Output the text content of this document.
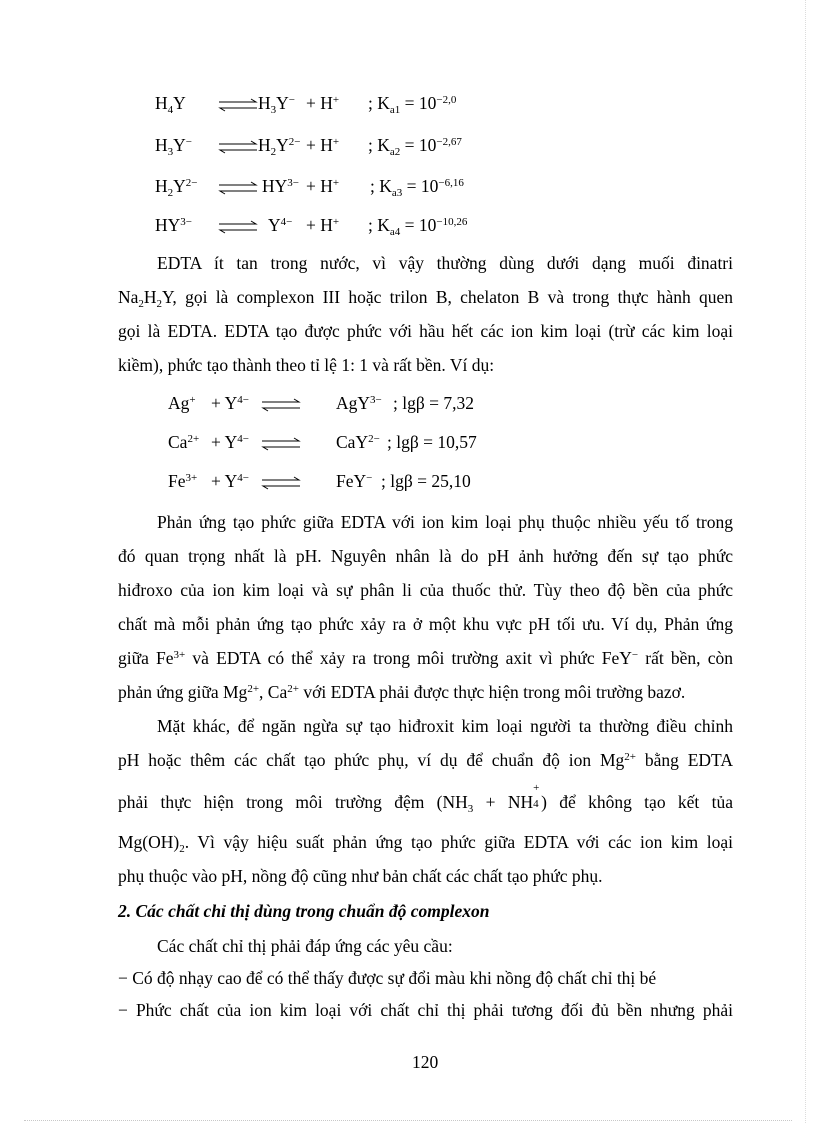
$H_4Y$ ⇌ $H_3Y^- + H^+$ ; $K_{a1} = 10^{-2,0}$
$H_3Y^-$ ⇌ $H_2Y^{2-} + H^+$ ; $K_{a2} = 10^{-2,67}$
$H_2Y^{2-}$ ⇌ $HY^{3-} + H^+$ ; $K_{a3} = 10^{-6,16}$
$HY^{3-}$ ⇌ $Y^{4-} + H^+$ ; $K_{a4} = 10^{-10,26}$
EDTA ít tan trong nước, vì vậy thường dùng dưới dạng muối đinatri
$Na_2H_2Y$, gọi là complexon III hoặc trilon B, chelaton B và trong thực hành quen
gọi là EDTA. EDTA tạo được phức với hầu hết các ion kim loại (trừ các kim loại
kiềm), phức tạo thành theo tỉ lệ 1: 1 và rất bền. Ví dụ:
$Ag^+ + Y^{4-}$ ⇌ AgY$^{3-}$ ; lgβ = 7,32
$Ca^{2+} + Y^{4-}$ ⇌ CaY$^{2-}$ ; lgβ = 10,57
$Fe^{3+} + Y^{4-}$ ⇌ FeY− ; lgβ = 25,10
Phản ứng tạo phức giữa EDTA với ion kim loại phụ thuộc nhiều yếu tố trong
đó quan trọng nhất là pH. Nguyên nhân là do pH ảnh hưởng đến sự tạo phức
hiđroxo của ion kim loại và sự phân li của thuốc thử. Tùy theo độ bền của phức
chất mà mỗi phản ứng tạo phức xảy ra ở một khu vực pH tối ưu. Ví dụ, Phản ứng
giữa $Fe^{3+}$ và EDTA có thể xảy ra trong môi trường axit vì phức FeY− rất bền, còn
phản ứng giữa $Mg^{2+}$, $Ca^{2+}$ với EDTA phải được thực hiện trong môi trường bazơ.
Mặt khác, để ngăn ngừa sự tạo hiđroxit kim loại người ta thường điều chỉnh
pH hoặc thêm các chất tạo phức phụ, ví dụ để chuẩn độ ion $Mg^{2+}$ bằng EDTA
phải thực hiện trong môi trường đệm ($NH_3$ + NH
+
4 ) để không tạo kết tủa
$Mg(OH)_2$. Vì vậy hiệu suất phản ứng tạo phức giữa EDTA với các ion kim loại
phụ thuộc vào pH, nồng độ cũng như bản chất các chất tạo phức phụ.
2. Các chất chỉ thị dùng trong chuẩn độ complexon
Các chất chỉ thị phải đáp ứng các yêu cầu:
− Có độ nhạy cao để có thể thấy được sự đổi màu khi nồng độ chất chỉ thị bé
− Phức chất của ion kim loại với chất chỉ thị phải tương đối đủ bền nhưng phải
120
